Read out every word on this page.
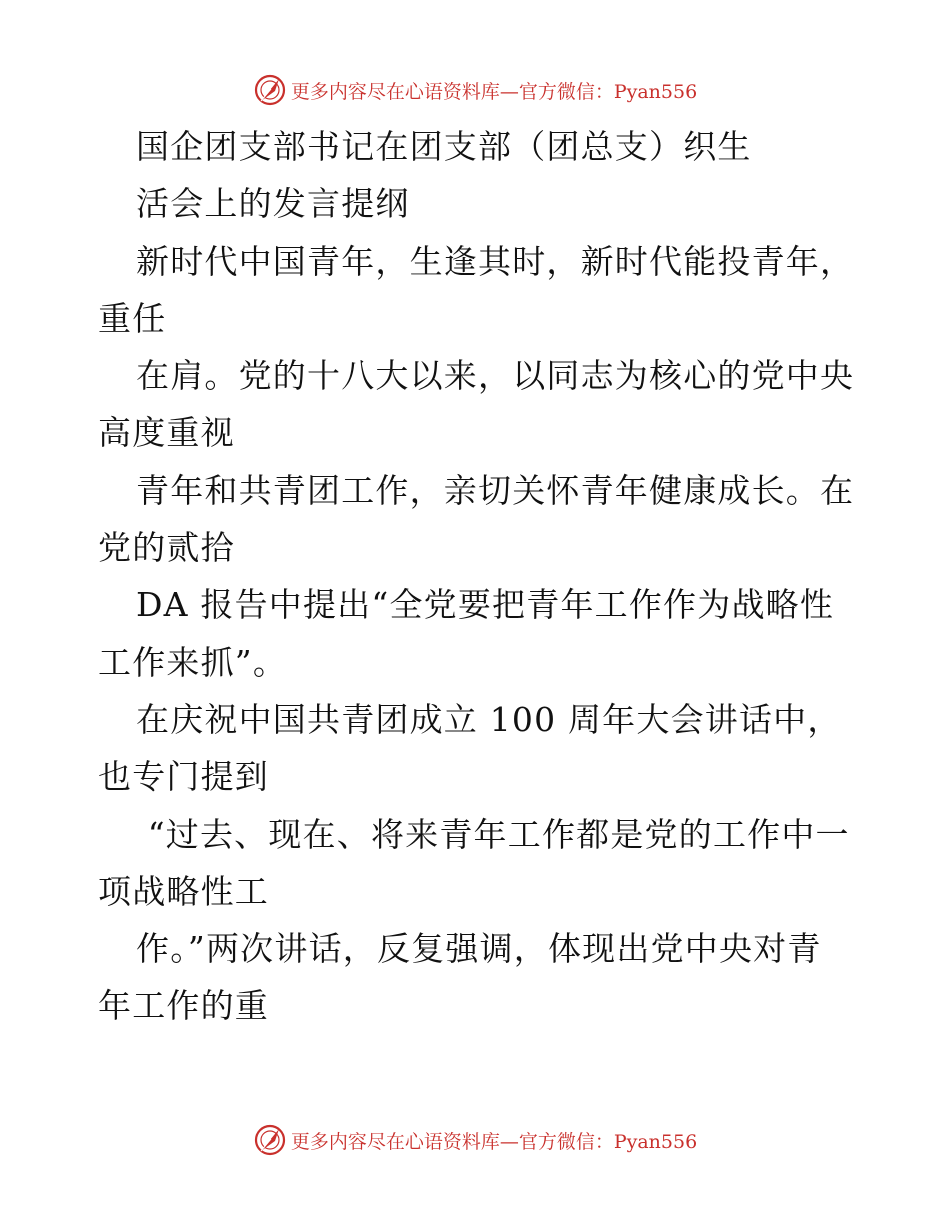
更多内容尽在心语资料库—官方微信：Pyan556
国企团支部书记在团支部（团总支）织生
活会上的发言提纲
新时代中国青年，生逢其时，新时代能投青年，
重任
在肩。党的十八大以来，以同志为核心的党中央
高度重视
青年和共青团工作，亲切关怀青年健康成长。在
党的贰拾
DA 报告中提出“全党要把青年工作作为战略性
工作来抓”。
在庆祝中国共青团成立 100 周年大会讲话中，
也专门提到
“过去、现在、将来青年工作都是党的工作中一
项战略性工
作。”两次讲话，反复强调，体现出党中央对青
年工作的重
更多内容尽在心语资料库—官方微信：Pyan556
